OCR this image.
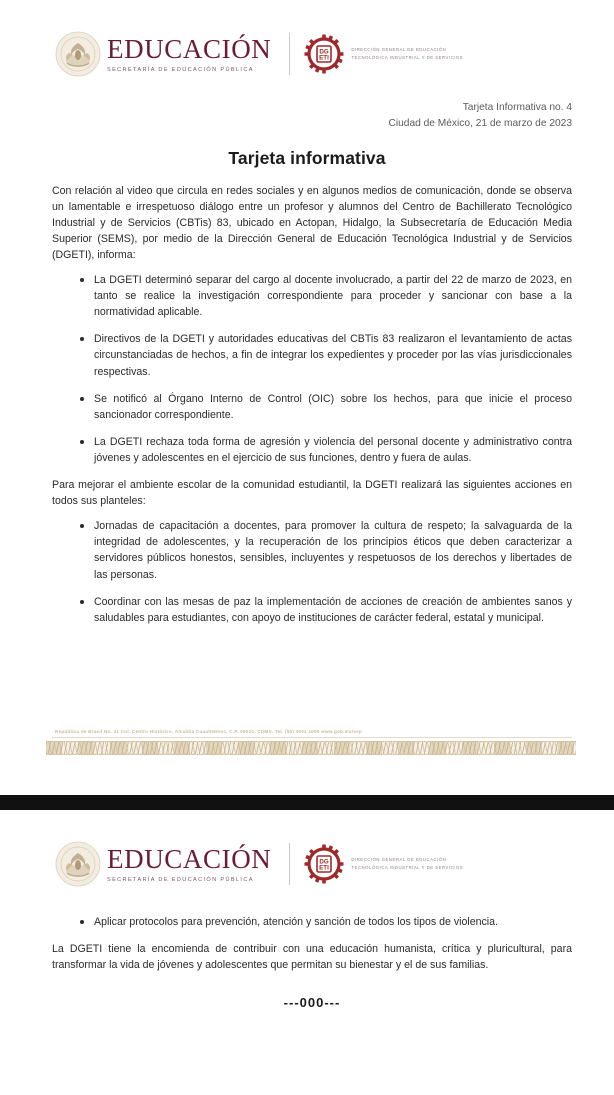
EDUCACIÓN
SECRETARÍA DE EDUCACIÓN PÚBLICA
DG
ETI
DIRECCIÓN GENERAL DE EDUCACIÓN
TECNOLÓGICA INDUSTRIAL Y DE SERVICIOS
Tarjeta Informativa no. 4
Ciudad de México, 21 de marzo de 2023
Tarjeta informativa

Con relación al video que circula en redes sociales y en algunos medios de comunicación, donde se observa un lamentable e irrespetuoso diálogo entre un profesor y alumnos del Centro de Bachillerato Tecnológico Industrial y de Servicios (CBTis) 83, ubicado en Actopan, Hidalgo, la Subsecretaría de Educación Media Superior (SEMS), por medio de la Dirección General de Educación Tecnológica Industrial y de Servicios (DGETI), informa:

La DGETI determinó separar del cargo al docente involucrado, a partir del 22 de marzo de 2023, en tanto se realice la investigación correspondiente para proceder y sancionar con base a la normatividad aplicable.
Directivos de la DGETI y autoridades educativas del CBTis 83 realizaron el levantamiento de actas circunstanciadas de hechos, a fin de integrar los expedientes y proceder por las vías jurisdiccionales respectivas.
Se notificó al Órgano Interno de Control (OIC) sobre los hechos, para que inicie el proceso sancionador correspondiente.
La DGETI rechaza toda forma de agresión y violencia del personal docente y administrativo contra jóvenes y adolescentes en el ejercicio de sus funciones, dentro y fuera de aulas.

Para mejorar el ambiente escolar de la comunidad estudiantil, la DGETI realizará las siguientes acciones en todos sus planteles:

Jornadas de capacitación a docentes, para promover la cultura de respeto; la salvaguarda de la integridad de adolescentes, y la recuperación de los principios éticos que deben caracterizar a servidores públicos honestos, sensibles, incluyentes y respetuosos de los derechos y libertades de las personas.
Coordinar con las mesas de paz la implementación de acciones de creación de ambientes sanos y saludables para estudiantes, con apoyo de instituciones de carácter federal, estatal y municipal.
República de Brasil No. 31 Col. Centro Histórico, Alcaldía Cuauhtémoc, C.P. 06020, CDMX. Tel. (55) 3601 1000 www.gob.mx/sep
EDUCACIÓN
SECRETARÍA DE EDUCACIÓN PÚBLICA
DG
ETI
DIRECCIÓN GENERAL DE EDUCACIÓN
TECNOLÓGICA INDUSTRIAL Y DE SERVICIOS
Aplicar protocolos para prevención, atención y sanción de todos los tipos de violencia.

La DGETI tiene la encomienda de contribuir con una educación humanista, crítica y pluricultural, para transformar la vida de jóvenes y adolescentes que permitan su bienestar y el de sus familias.

---000---
